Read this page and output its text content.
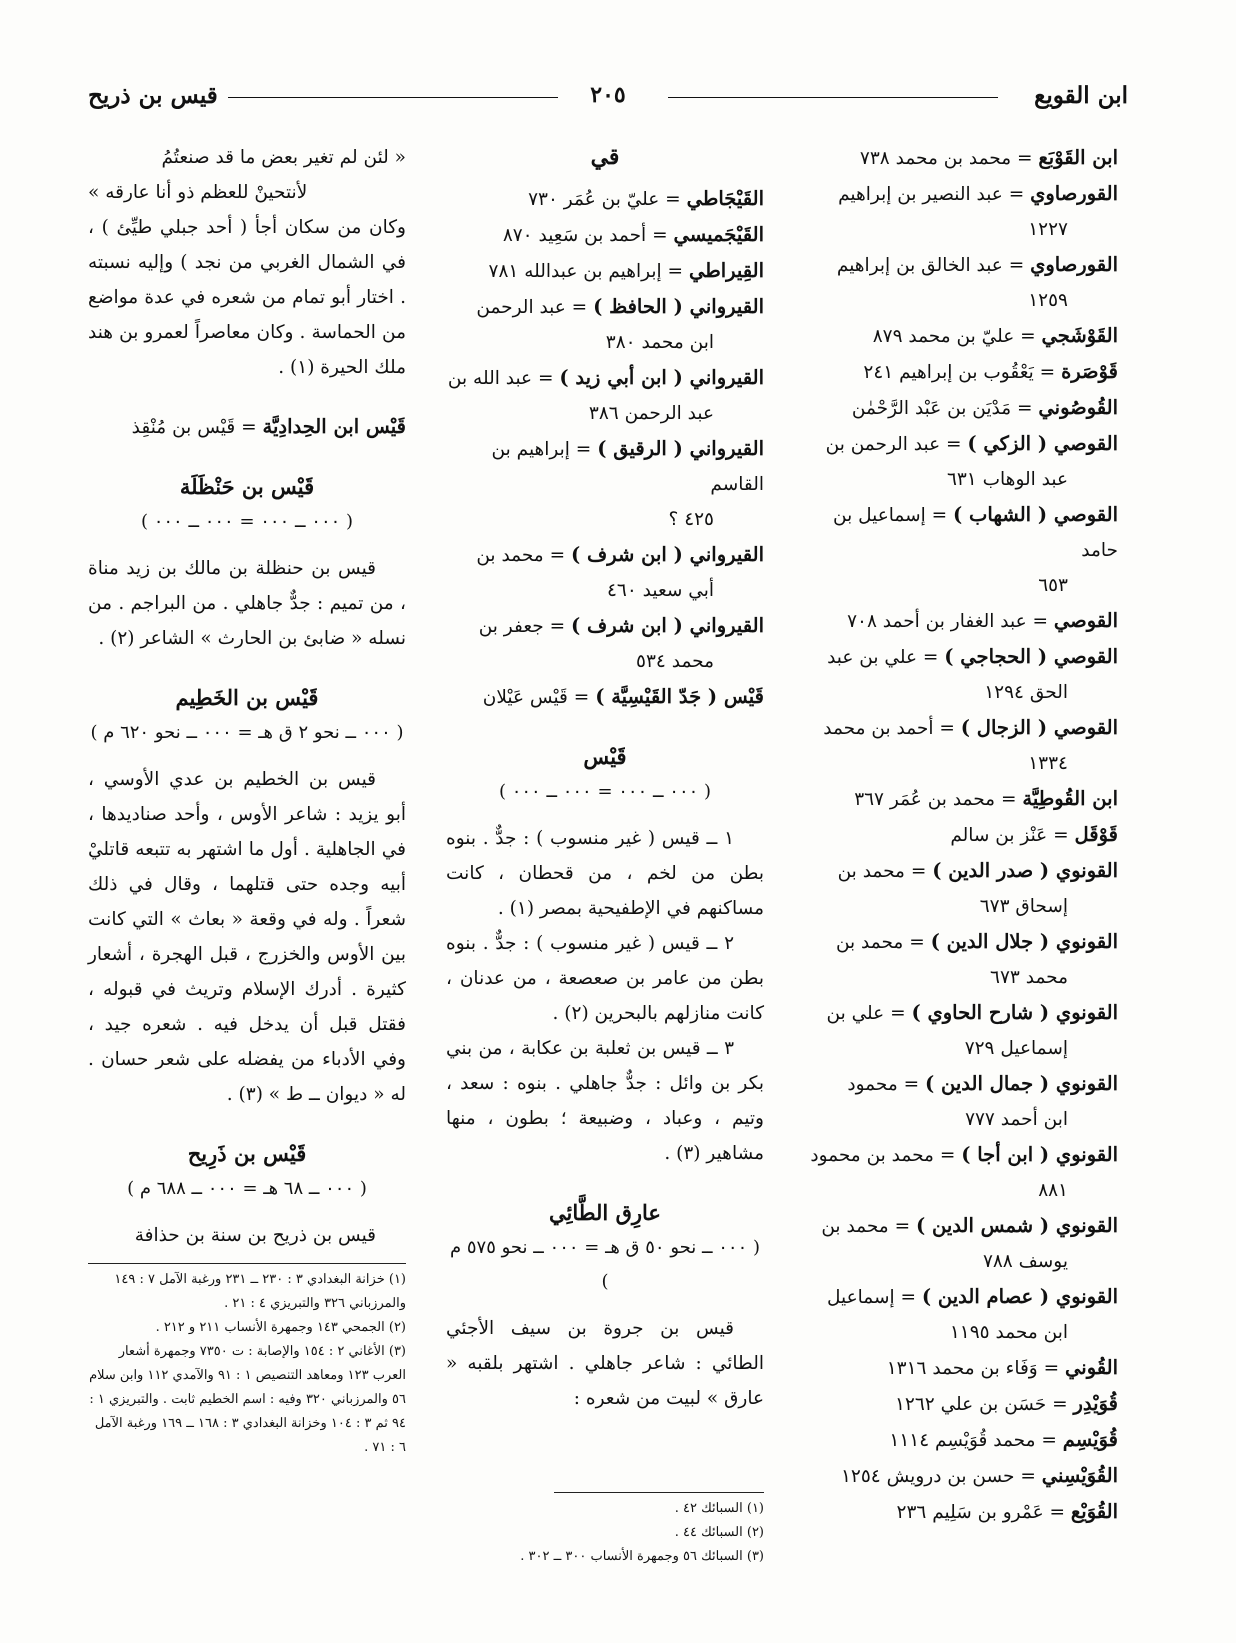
ابن القويع
٢٠٥
قيس بن ذريح

ابن القَوْبَع = محمد بن محمد ٧٣٨

القورصاوي = عبد النصير بن إبراهيم
١٢٢٧

القورصاوي = عبد الخالق بن إبراهيم
١٢٥٩

القَوْشَجي = عليّ بن محمد ٨٧٩

قَوْصَرة = يَعْقُوب بن إبراهيم ٢٤١

القُوصُوني = مَدْيَن بن عَبْد الرَّحْمٰن

القوصي ( الزكي ) = عبد الرحمن بن
عبد الوهاب ٦٣١

القوصي ( الشهاب ) = إسماعيل بن حامد
٦٥٣

القوصي = عبد الغفار بن أحمد ٧٠٨

القوصي ( الحجاجي ) = علي بن عبد
الحق ١٢٩٤

القوصي ( الزجال ) = أحمد بن محمد
١٣٣٤

ابن القُوطِيَّة = محمد بن عُمَر ٣٦٧

قَوْقَل = عَنْز بن سالم

القونوي ( صدر الدين ) = محمد بن
إسحاق ٦٧٣

القونوي ( جلال الدين ) = محمد بن
محمد ٦٧٣

القونوي ( شارح الحاوي ) = علي بن
إسماعيل ٧٢٩

القونوي ( جمال الدين ) = محمود
ابن أحمد ٧٧٧

القونوي ( ابن أجا ) = محمد بن محمود
٨٨١

القونوي ( شمس الدين ) = محمد بن
يوسف ٧٨٨

القونوي ( عصام الدين ) = إسماعيل
ابن محمد ١١٩٥

القُوني = وَفَاء بن محمد ١٣١٦

قُوَيْدِر = حَسَن بن علي ١٢٦٢

قُوَيْسِم = محمد قُوَيْسِم ١١١٤

القُوَيْسِني = حسن بن درويش ١٢٥٤

القُوَيْع = عَمْرو بن سَلِيم ٢٣٦

قي

القَيْجَاطي = عليّ بن عُمَر ٧٣٠

القَيْجَميسي = أحمد بن سَعِيد ٨٧٠

القِيراطي = إبراهيم بن عبدالله ٧٨١

القيرواني ( الحافظ ) = عبد الرحمن
ابن محمد ٣٨٠

القيرواني ( ابن أبي زيد ) = عبد الله بن
عبد الرحمن ٣٨٦

القيرواني ( الرقيق ) = إبراهيم بن القاسم
٤٢٥ ؟

القيرواني ( ابن شرف ) = محمد بن
أبي سعيد ٤٦٠

القيرواني ( ابن شرف ) = جعفر بن
محمد ٥٣٤

قَيْس ( جَدّ القَيْسِيَّة ) = قَيْس عَيْلان

قَيْس
( ٠٠٠ ــ ٠٠٠ = ٠٠٠ ــ ٠٠٠ )

١ ــ قيس ( غير منسوب ) : جدٌّ . بنوه بطن من لخم ، من قحطان ، كانت مساكنهم في الإطفيحية بمصر (١) .

٢ ــ قيس ( غير منسوب ) : جدٌّ . بنوه بطن من عامر بن صعصعة ، من عدنان ، كانت منازلهم بالبحرين (٢) .

٣ ــ قيس بن ثعلبة بن عكابة ، من بني بكر بن وائل : جدٌّ جاهلي . بنوه : سعد ، وتيم ، وعباد ، وضبيعة ؛ بطون ، منها مشاهير (٣) .

عارِق الطَّائِي
( ٠٠٠ ــ نحو ٥٠ ق هـ = ٠٠٠ ــ نحو ٥٧٥ م )

قيس بن جروة بن سيف الأجئي الطائي : شاعر جاهلي . اشتهر بلقبه « عارق » لبيت من شعره :

(١) السبائك ٤٢ .

(٢) السبائك ٤٤ .

(٣) السبائك ٥٦ وجمهرة الأنساب ٣٠٠ ــ ٣٠٢ .

« لئن لم تغير بعض ما قد صنعتُمُ

لأنتحينْ للعظم ذو أنا عارقه »

وكان من سكان أجأ ( أحد جبلي طيِّئ ) ، في الشمال الغربي من نجد ) وإليه نسبته . اختار أبو تمام من شعره في عدة مواضع من الحماسة . وكان معاصراً لعمرو بن هند ملك الحيرة (١) .

قَيْس ابن الحِدادِيَّة = قَيْس بن مُنْقِذ

قَيْس بن حَنْظَلَة
( ٠٠٠ ــ ٠٠٠ = ٠٠٠ ــ ٠٠٠ )

قيس بن حنظلة بن مالك بن زيد مناة ، من تميم : جدٌّ جاهلي . من البراجم . من نسله « ضابئ بن الحارث » الشاعر (٢) .

قَيْس بن الخَطِيم
( ٠٠٠ ــ نحو ٢ ق هـ = ٠٠٠ ــ نحو ٦٢٠ م )

قيس بن الخطيم بن عدي الأوسي ، أبو يزيد : شاعر الأوس ، وأحد صناديدها ، في الجاهلية . أول ما اشتهر به تتبعه قاتليْ أبيه وجده حتى قتلهما ، وقال في ذلك شعراً . وله في وقعة « بعاث » التي كانت بين الأوس والخزرج ، قبل الهجرة ، أشعار كثيرة . أدرك الإسلام وتريث في قبوله ، فقتل قبل أن يدخل فيه . شعره جيد ، وفي الأدباء من يفضله على شعر حسان . له « ديوان ــ ط » (٣) .

قَيْس بن ذَرِيح
( ٠٠٠ ــ ٦٨ هـ = ٠٠٠ ــ ٦٨٨ م )

قيس بن ذريح بن سنة بن حذافة

(١) خزانة البغدادي ٣ : ٢٣٠ ــ ٢٣١ ورغبة الآمل ٧ : ١٤٩ والمرزباني ٣٢٦ والتبريزي ٤ : ٢١ .

(٢) الجمحي ١٤٣ وجمهرة الأنساب ٢١١ و ٢١٢ .

(٣) الأغاني ٢ : ١٥٤ والإصابة : ت ٧٣٥٠ وجمهرة أشعار العرب ١٢٣ ومعاهد التنصيص ١ : ٩١ والآمدي ١١٢ وابن سلام ٥٦ والمرزباني ٣٢٠ وفيه : اسم الخطيم ثابت . والتبريزي ١ : ٩٤ ثم ٣ : ١٠٤ وخزانة البغدادي ٣ : ١٦٨ ــ ١٦٩ ورغبة الآمل ٦ : ٧١ .
